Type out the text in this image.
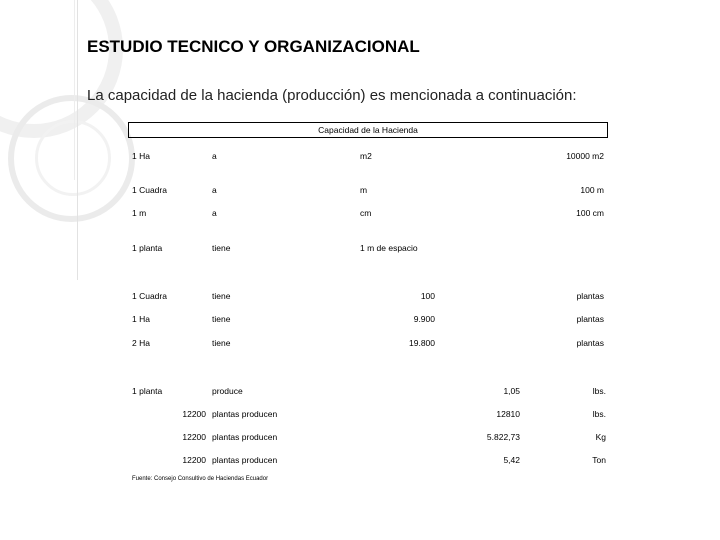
ESTUDIO TECNICO Y ORGANIZACIONAL
La capacidad de la hacienda (producción) es mencionada a continuación:
Capacidad de la Hacienda
1 Ha	a	m2	10000 m2
1 Cuadra	a	m	100 m
1 m	a	cm	100 cm
1 planta	tiene	1 m de espacio
1 Cuadra	tiene	100	plantas
1 Ha	tiene	9.900	plantas
2 Ha	tiene	19.800	plantas
1 planta	produce	1,05	lbs.
12200 plantas producen	12810	lbs.
12200 plantas producen	5.822,73	Kg
12200 plantas producen	5,42	Ton
Fuente: Consejo Consultivo de Haciendas Ecuador
